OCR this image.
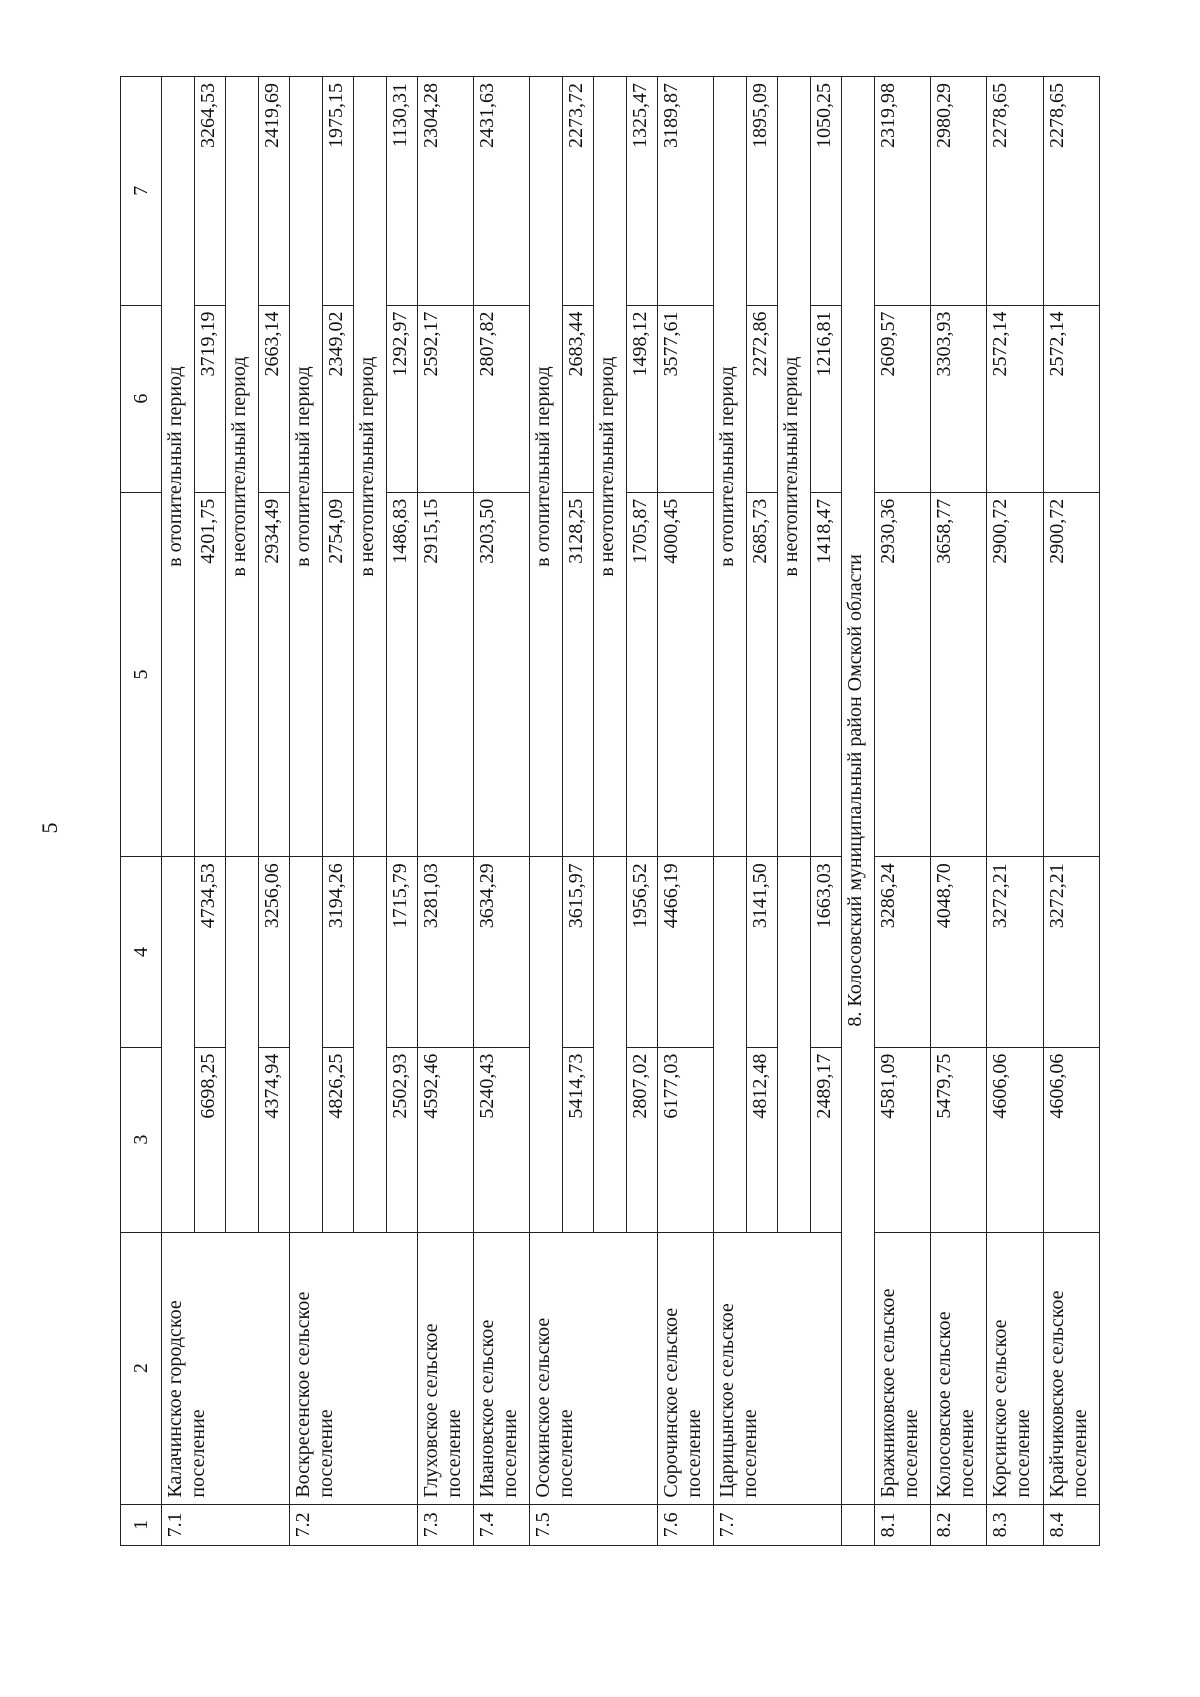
5
1	2	3	4	5	6	7
7.1	Калачинское городское поселение			в отопительный период		
		6698,25	4734,53	4201,75	3719,19	3264,53
				в неотопительный период		
		4374,94	3256,06	2934,49	2663,14	2419,69
7.2	Воскресенское сельское поселение			в отопительный период		
		4826,25	3194,26	2754,09	2349,02	1975,15
				в неотопительный период		
		2502,93	1715,79	1486,83	1292,97	1130,31
7.3	Глуховское сельское поселение	4592,46	3281,03	2915,15	2592,17	2304,28
7.4	Ивановское сельское поселение	5240,43	3634,29	3203,50	2807,82	2431,63
7.5	Осокинское сельское поселение			в отопительный период		
		5414,73	3615,97	3128,25	2683,44	2273,72
				в неотопительный период		
		2807,02	1956,52	1705,87	1498,12	1325,47
7.6	Сорочинское сельское поселение	6177,03	4466,19	4000,45	3577,61	3189,87
7.7	Царицынское сельское поселение			в отопительный период		
		4812,48	3141,50	2685,73	2272,86	1895,09
				в неотопительный период		
		2489,17	1663,03	1418,47	1216,81	1050,25
	8. Колосовский муниципальный район Омской области					
8.1	Бражниковское сельское поселение	4581,09	3286,24	2930,36	2609,57	2319,98
8.2	Колосовское сельское поселение	5479,75	4048,70	3658,77	3303,93	2980,29
8.3	Корсинское сельское поселение	4606,06	3272,21	2900,72	2572,14	2278,65
8.4	Крайчиковское сельское поселение	4606,06	3272,21	2900,72	2572,14	2278,65
